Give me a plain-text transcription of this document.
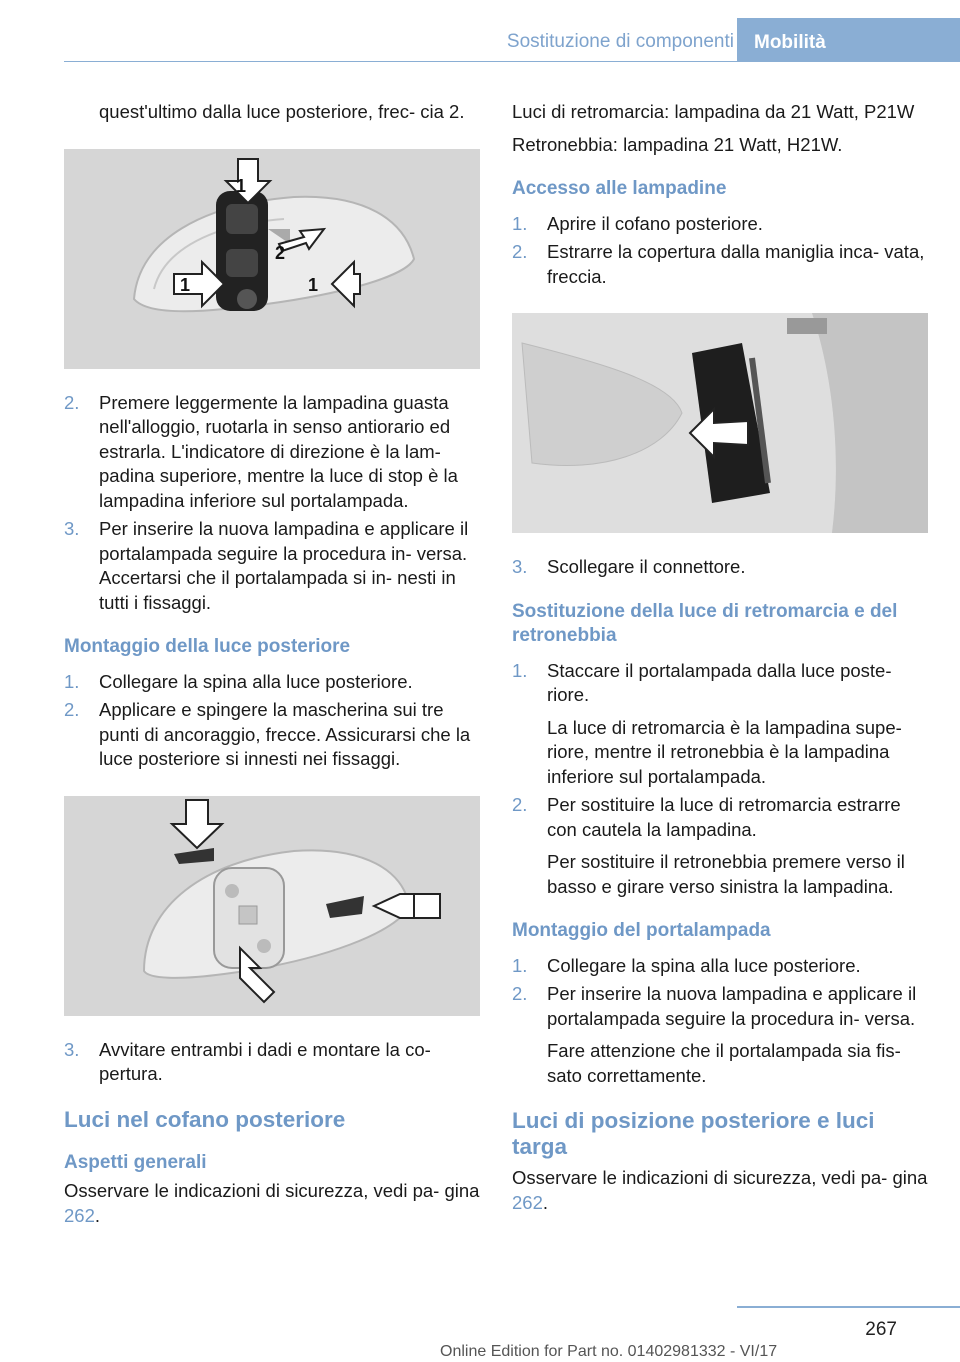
Sostituzione di componenti	Mobilità

quest'ultimo dalla luce posteriore, frec‐ cia 2.

1
1	1
2
2. Premere leggermente la lampadina guasta nell'alloggio, ruotarla in senso antiorario ed estrarla. L'indicatore di direzione è la lam‐ padina superiore, mentre la luce di stop è la lampadina inferiore sul portalampada.

3. Per inserire la nuova lampadina e applicare il portalampada seguire la procedura in‐ versa. Accertarsi che il portalampada si in‐ nesti in tutti i fissaggi.

Montaggio della luce posteriore
1. Collegare la spina alla luce posteriore.

2. Applicare e spingere la mascherina sui tre punti di ancoraggio, frecce. Assicurarsi che la luce posteriore si innesti nei fissaggi.

3. Avvitare entrambi i dadi e montare la co‐ pertura.

Luci nel cofano posteriore
Aspetti generali

Osservare le indicazioni di sicurezza, vedi pa‐ gina 262.

Luci di retromarcia: lampadina da 21 Watt, P21W

Retronebbia: lampadina 21 Watt, H21W.

Accesso alle lampadine
1. Aprire il cofano posteriore.

2. Estrarre la copertura dalla maniglia inca‐ vata, freccia.

3. Scollegare il connettore.

Sostituzione della luce di retromarcia e del retronebbia
1. Staccare il portalampada dalla luce poste‐ riore.

La luce di retromarcia è la lampadina supe‐ riore, mentre il retronebbia è la lampadina inferiore sul portalampada.

2. Per sostituire la luce di retromarcia estrarre con cautela la lampadina.

Per sostituire il retronebbia premere verso il basso e girare verso sinistra la lampadina.

Montaggio del portalampada
1. Collegare la spina alla luce posteriore.

2. Per inserire la nuova lampadina e applicare il portalampada seguire la procedura in‐ versa.

Fare attenzione che il portalampada sia fis‐ sato correttamente.

Luci di posizione posteriore e luci targa

Osservare le indicazioni di sicurezza, vedi pa‐ gina 262.

267
Online Edition for Part no. 01402981332 - VI/17
